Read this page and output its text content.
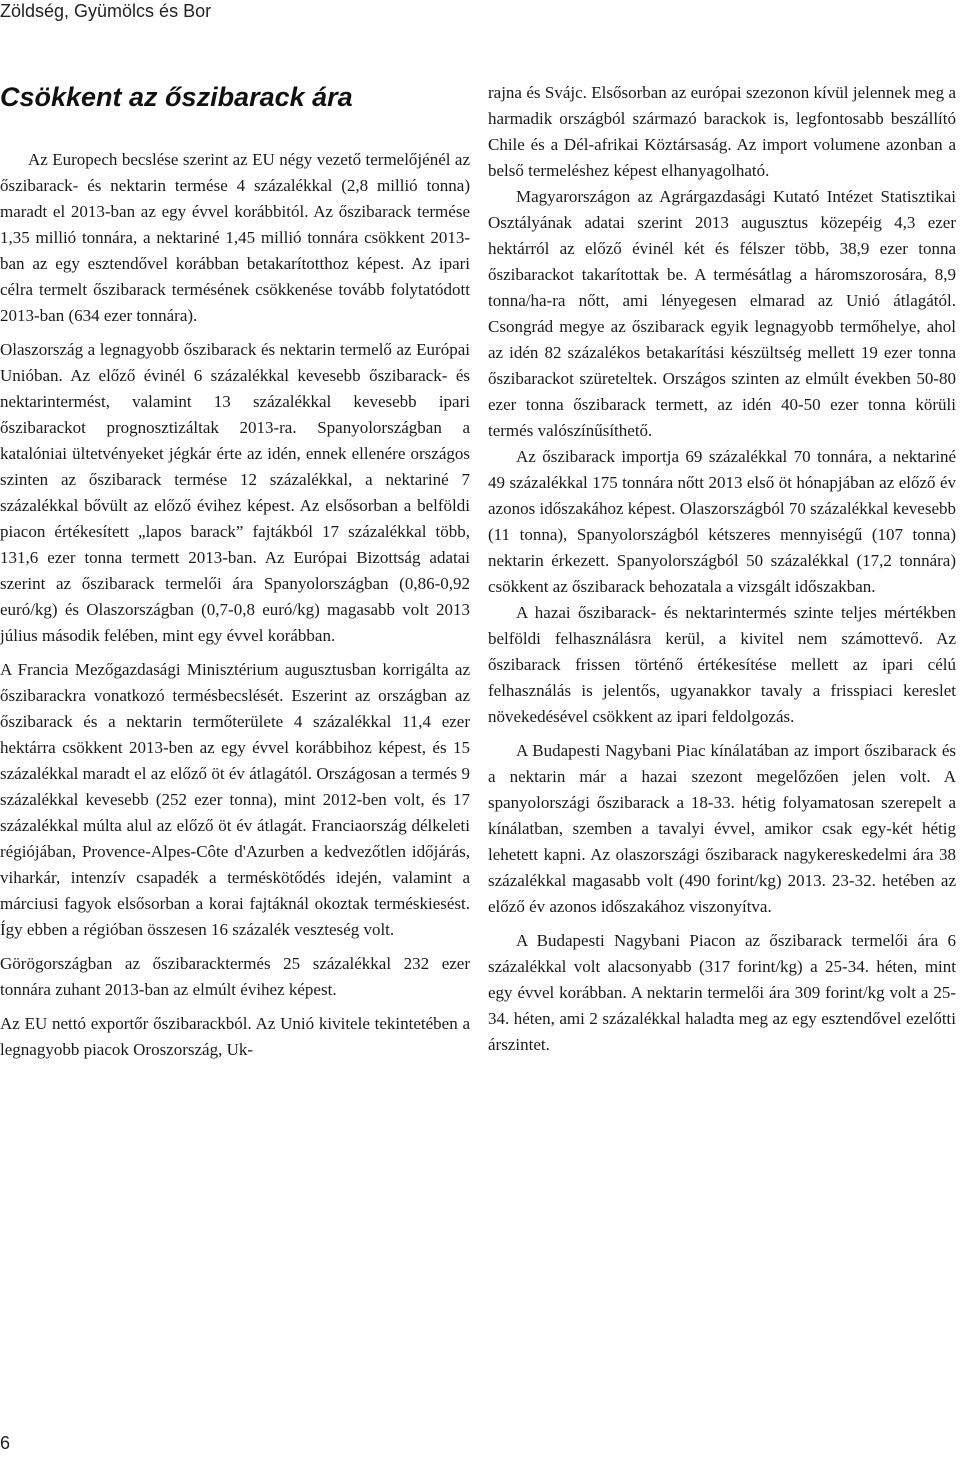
Zöldség, Gyümölcs és Bor
Csökkent az őszibarack ára

Az Europech becslése szerint az EU négy vezető termelőjénél az őszibarack- és nektarin termése 4 százalékkal (2,8 millió tonna) maradt el 2013-ban az egy évvel korábbitól. Az őszibarack termése 1,35 millió tonnára, a nektariné 1,45 millió tonnára csökkent 2013-ban az egy esztendővel korábban betakarítotthoz képest. Az ipari célra termelt őszibarack termésének csökkenése tovább folytatódott 2013-ban (634 ezer tonnára).

Olaszország a legnagyobb őszibarack és nektarin termelő az Európai Unióban. Az előző évinél 6 százalékkal kevesebb őszibarack- és nektarintermést, valamint 13 százalékkal kevesebb ipari őszibarackot prognosztizáltak 2013-ra. Spanyolországban a katalóniai ültetvényeket jégkár érte az idén, ennek ellenére országos szinten az őszibarack termése 12 százalékkal, a nektariné 7 százalékkal bővült az előző évihez képest. Az elsősorban a belföldi piacon értékesített „lapos barack” fajtákból 17 százalékkal több, 131,6 ezer tonna termett 2013-ban. Az Európai Bizottság adatai szerint az őszibarack termelői ára Spanyolországban (0,86-0,92 euró/kg) és Olaszországban (0,7-0,8 euró/kg) magasabb volt 2013 július második felében, mint egy évvel korábban.

A Francia Mezőgazdasági Minisztérium augusztusban korrigálta az őszibarackra vonatkozó termésbecslését. Eszerint az országban az őszibarack és a nektarin termőterülete 4 százalékkal 11,4 ezer hektárra csökkent 2013-ben az egy évvel korábbihoz képest, és 15 százalékkal maradt el az előző öt év átlagától. Országosan a termés 9 százalékkal kevesebb (252 ezer tonna), mint 2012-ben volt, és 17 százalékkal múlta alul az előző öt év átlagát. Franciaország délkeleti régiójában, Provence-Alpes-Côte d'Azurben a kedvezőtlen időjárás, viharkár, intenzív csapadék a terméskötődés idején, valamint a márciusi fagyok elsősorban a korai fajtáknál okoztak terméskiesést. Így ebben a régióban összesen 16 százalék veszteség volt.

Görögországban az őszibaracktermés 25 százalékkal 232 ezer tonnára zuhant 2013-ban az elmúlt évihez képest.

Az EU nettó exportőr őszibarackból. Az Unió kivitele tekintetében a legnagyobb piacok Oroszország, Uk-

rajna és Svájc. Elsősorban az európai szezonon kívül jelennek meg a harmadik országból származó barackok is, legfontosabb beszállító Chile és a Dél-afrikai Köztársaság. Az import volumene azonban a belső termeléshez képest elhanyagolható.

Magyarországon az Agrárgazdasági Kutató Intézet Statisztikai Osztályának adatai szerint 2013 augusztus közepéig 4,3 ezer hektárról az előző évinél két és félszer több, 38,9 ezer tonna őszibarackot takarítottak be. A termésátlag a háromszorosára, 8,9 tonna/ha-ra nőtt, ami lényegesen elmarad az Unió átlagától. Csongrád megye az őszibarack egyik legnagyobb termőhelye, ahol az idén 82 százalékos betakarítási készültség mellett 19 ezer tonna őszibarackot szüreteltek. Országos szinten az elmúlt években 50-80 ezer tonna őszibarack termett, az idén 40-50 ezer tonna körüli termés valószínűsíthető.

Az őszibarack importja 69 százalékkal 70 tonnára, a nektariné 49 százalékkal 175 tonnára nőtt 2013 első öt hónapjában az előző év azonos időszakához képest. Olaszországból 70 százalékkal kevesebb (11 tonna), Spanyolországból kétszeres mennyiségű (107 tonna) nektarin érkezett. Spanyolországból 50 százalékkal (17,2 tonnára) csökkent az őszibarack behozatala a vizsgált időszakban.

A hazai őszibarack- és nektarintermés szinte teljes mértékben belföldi felhasználásra kerül, a kivitel nem számottevő. Az őszibarack frissen történő értékesítése mellett az ipari célú felhasználás is jelentős, ugyanakkor tavaly a frisspiaci kereslet növekedésével csökkent az ipari feldolgozás.

A Budapesti Nagybani Piac kínálatában az import őszibarack és a nektarin már a hazai szezont megelőzően jelen volt. A spanyolországi őszibarack a 18-33. hétig folyamatosan szerepelt a kínálatban, szemben a tavalyi évvel, amikor csak egy-két hétig lehetett kapni. Az olaszországi őszibarack nagykereskedelmi ára 38 százalékkal magasabb volt (490 forint/kg) 2013. 23-32. hetében az előző év azonos időszakához viszonyítva.

A Budapesti Nagybani Piacon az őszibarack termelői ára 6 százalékkal volt alacsonyabb (317 forint/kg) a 25-34. héten, mint egy évvel korábban. A nektarin termelői ára 309 forint/kg volt a 25-34. héten, ami 2 százalékkal haladta meg az egy esztendővel ezelőtti árszintet.

6
